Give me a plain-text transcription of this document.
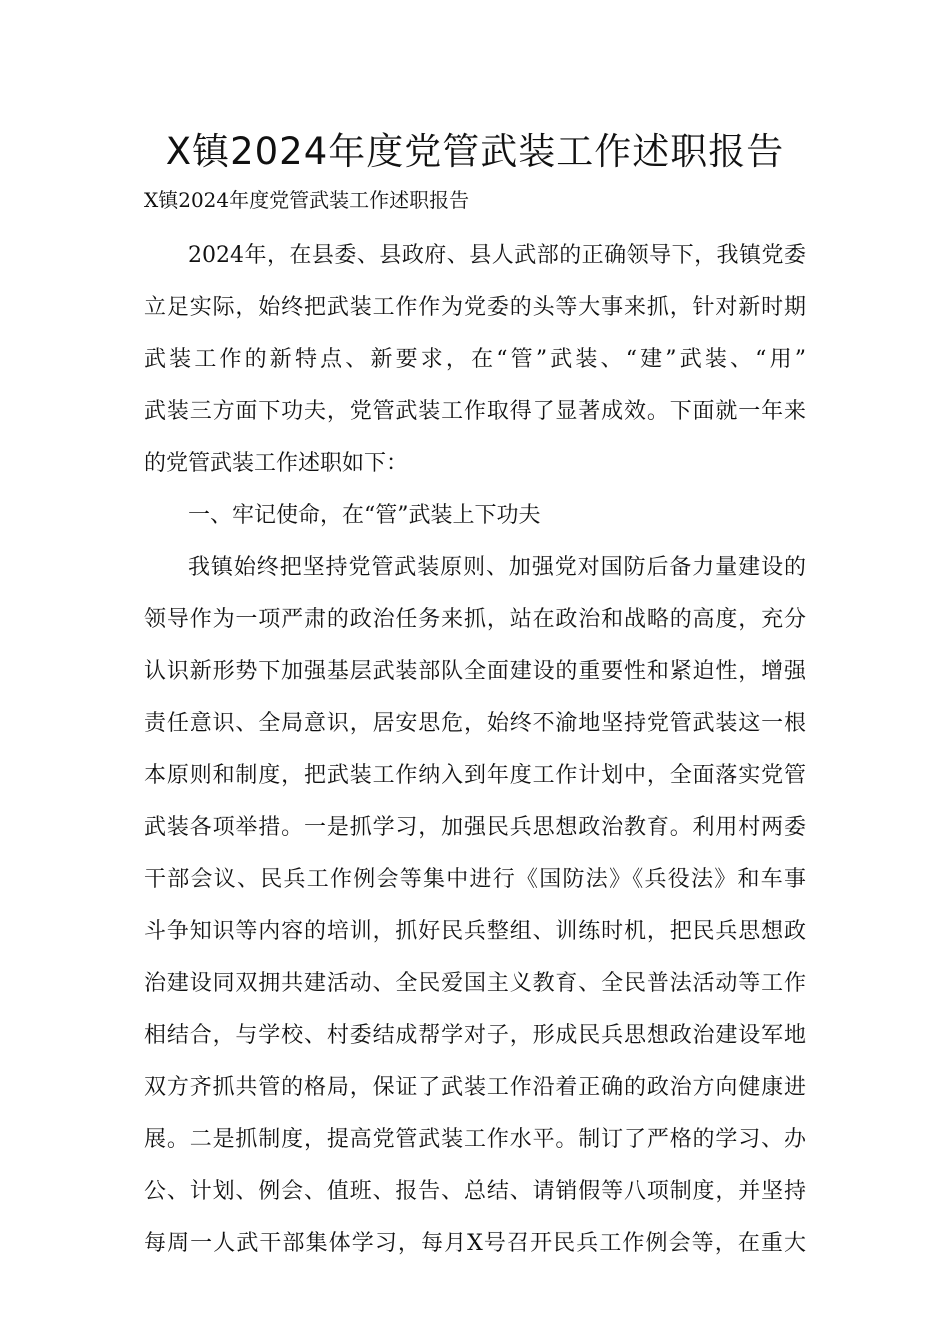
X镇2024年度党管武装工作述职报告
X镇2024年度党管武装工作述职报告
2024年，在县委、县政府、县人武部的正确领导下，我镇党委
立足实际，始终把武装工作作为党委的头等大事来抓，针对新时期
武装工作的新特点、新要求，在“管”武装、“建”武装、“用”
武装三方面下功夫，党管武装工作取得了显著成效。下面就一年来
的党管武装工作述职如下：
一、牢记使命，在“管”武装上下功夫
我镇始终把坚持党管武装原则、加强党对国防后备力量建设的
领导作为一项严肃的政治任务来抓，站在政治和战略的高度，充分
认识新形势下加强基层武装部队全面建设的重要性和紧迫性，增强
责任意识、全局意识，居安思危，始终不渝地坚持党管武装这一根
本原则和制度，把武装工作纳入到年度工作计划中，全面落实党管
武装各项举措。一是抓学习，加强民兵思想政治教育。利用村两委
干部会议、民兵工作例会等集中进行《国防法》《兵役法》和车事
斗争知识等内容的培训，抓好民兵整组、训练时机，把民兵思想政
治建设同双拥共建活动、全民爱国主义教育、全民普法活动等工作
相结合，与学校、村委结成帮学对子，形成民兵思想政治建设军地
双方齐抓共管的格局，保证了武装工作沿着正确的政治方向健康进
展。二是抓制度，提高党管武装工作水平。制订了严格的学习、办
公、计划、例会、值班、报告、总结、请销假等八项制度，并坚持
每周一人武干部集体学习，每月X号召开民兵工作例会等，在重大
